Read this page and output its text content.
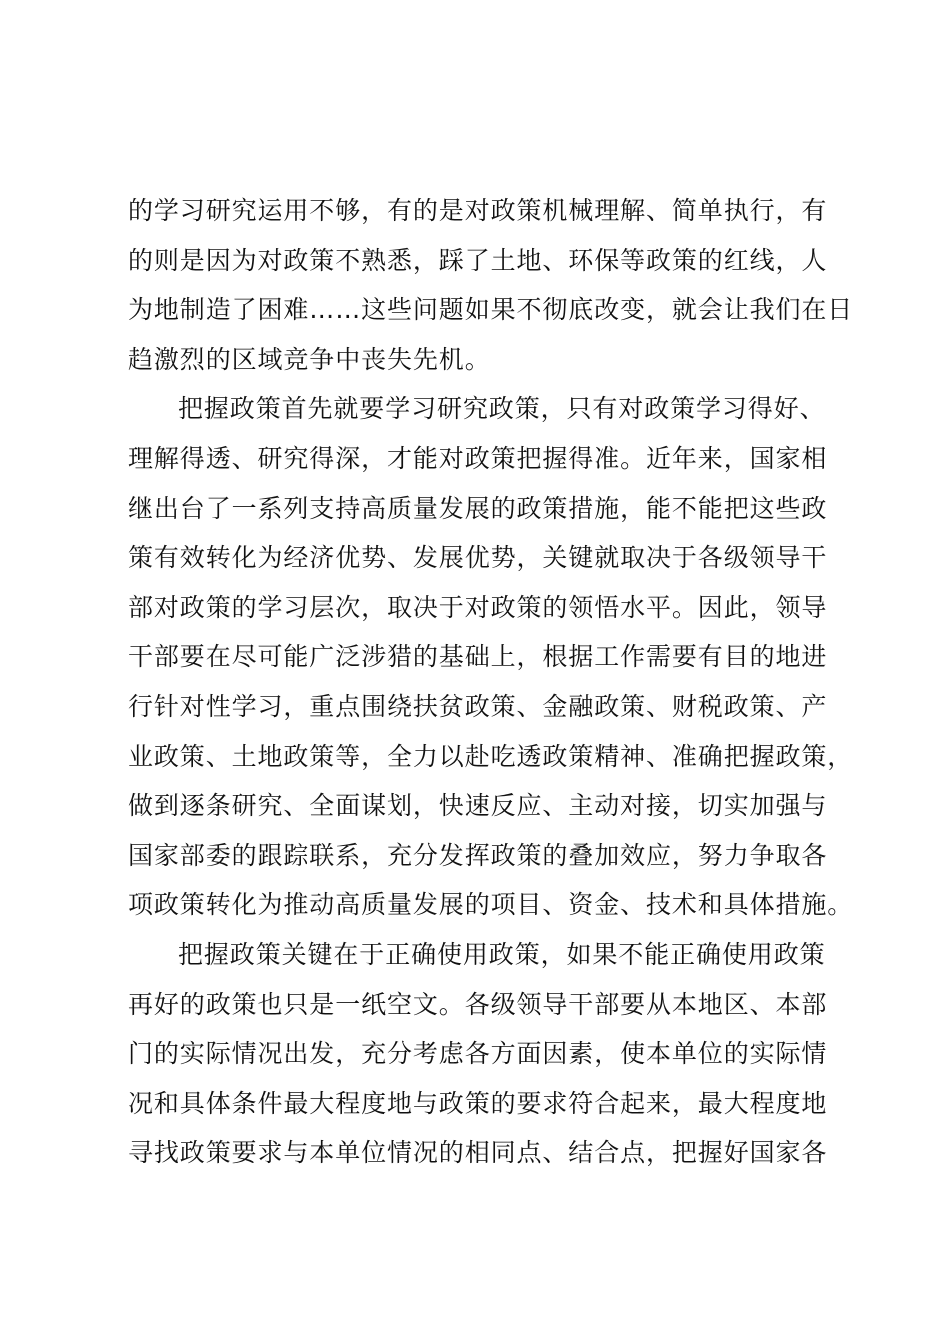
的学习研究运用不够，有的是对政策机械理解、简单执行，有
的则是因为对政策不熟悉，踩了土地、环保等政策的红线，人
为地制造了困难……这些问题如果不彻底改变，就会让我们在日
趋激烈的区域竞争中丧失先机。
把握政策首先就要学习研究政策，只有对政策学习得好、
理解得透、研究得深，才能对政策把握得准。近年来，国家相
继出台了一系列支持高质量发展的政策措施，能不能把这些政
策有效转化为经济优势、发展优势，关键就取决于各级领导干
部对政策的学习层次，取决于对政策的领悟水平。因此，领导
干部要在尽可能广泛涉猎的基础上，根据工作需要有目的地进
行针对性学习，重点围绕扶贫政策、金融政策、财税政策、产
业政策、土地政策等，全力以赴吃透政策精神、准确把握政策，
做到逐条研究、全面谋划，快速反应、主动对接，切实加强与
国家部委的跟踪联系，充分发挥政策的叠加效应，努力争取各
项政策转化为推动高质量发展的项目、资金、技术和具体措施。
把握政策关键在于正确使用政策，如果不能正确使用政策
再好的政策也只是一纸空文。各级领导干部要从本地区、本部
门的实际情况出发，充分考虑各方面因素，使本单位的实际情
况和具体条件最大程度地与政策的要求符合起来，最大程度地
寻找政策要求与本单位情况的相同点、结合点，把握好国家各
